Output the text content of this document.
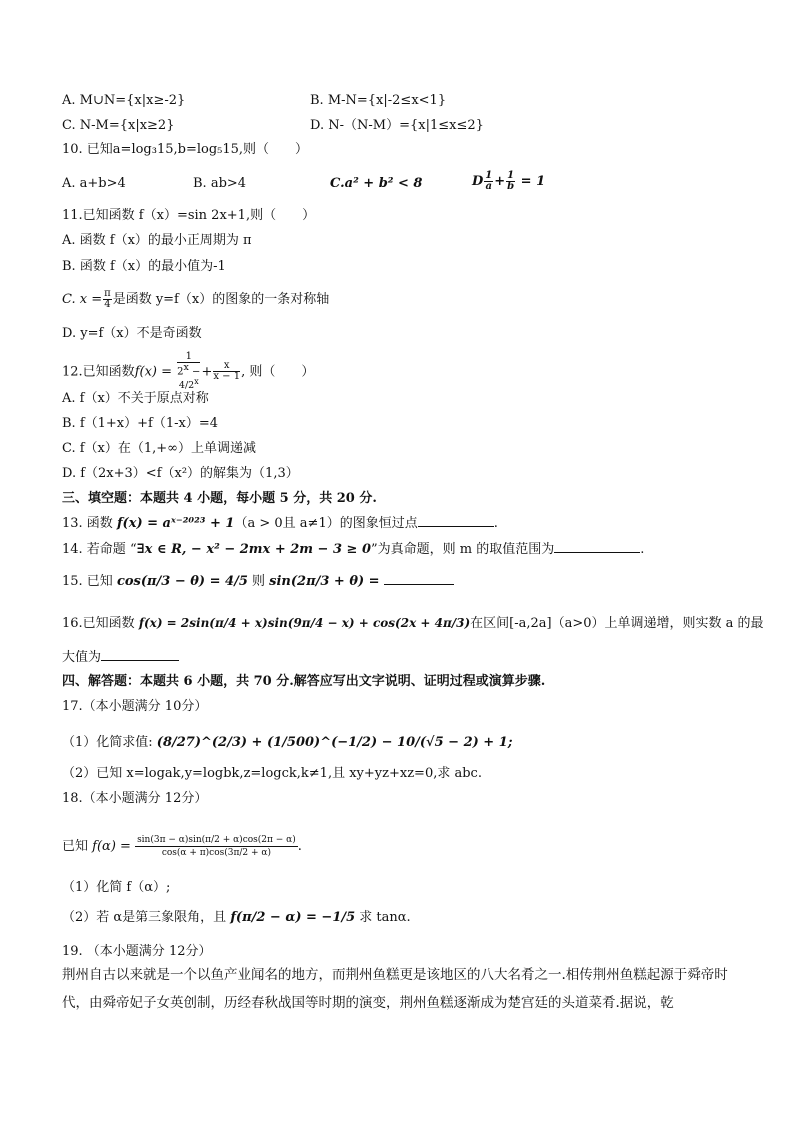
A. M∪N={x|x≥-2}	B. M-N={x|-2≤x<1}
C. N-M={x|x≥2}	D. N-（N-M）={x|1≤x≤2}
10. 已知a=log₃15,b=log₅15,则（　　）
A. a+b>4	B. ab>4	C.a² + b² < 8	D $\frac{1}{a} + \frac{1}{b} = 1$
11.已知函数 f（x）=sin 2x+1,则（　　）
A. 函数 f（x）的最小正周期为 π
B. 函数 f（x）的最小值为-1
C. $x = \frac{\pi}{4}$ 是函数 y=f（x）的图象的一条对称轴
D. y=f（x）不是奇函数
12.已知函数f(x) = 1
$2^x$ −
$4/2^x + \frac{x}{x - 1}$ , 则（　　）
A. f（x）不关于原点对称
B. f（1+x）+f（1-x）=4
C. f（x）在（1,+∞）上单调递减
D. f（2x+3）<f（x²）的解集为（1,3）
三、填空题：本题共 4 小题，每小题 5 分，共 20 分.
13. 函数 f(x) = aˣ⁻²⁰²³ + 1（a > 0且 a≠1）的图象恒过点	.
14. 若命题 “∃x ∈ R, − x² − 2mx + 2m − 3 ≥ 0”为真命题，则 m 的取值范围为	.
15. 已知 cos(π/3 − θ) = 4/5 则 sin(2π/3 + θ) =
16.已知函数 f(x) = 2sin(π/4 + x)sin(9π/4 − x) + cos(2x + 4π/3)在区间[-a,2a]（a>0）上单调递增，则实数 a 的最
大值为
四、解答题：本题共 6 小题，共 70 分.解答应写出文字说明、证明过程或演算步骤.
17.（本小题满分 10分）
（1）化简求值: (8/27)^(2/3) + (1/500)^(−1/2) − 10/(√5 − 2) + 1;
（2）已知 x=logak,y=logbk,z=logck,k≠1,且 xy+yz+xz=0,求 abc.
18.（本小题满分 12分）
已知 $f(\alpha) = \frac{\sin(3\pi - \alpha)\sin(\pi/2 + \alpha)\cos(2\pi - \alpha)}{\cos(\alpha + \pi)\cos(3\pi/2 + \alpha)}$ .
（1）化简 f（α）;
（2）若 α是第三象限角，且 f(π/2 − α) = −1/5 求 tanα.
19. （本小题满分 12分）
荆州自古以来就是一个以鱼产业闻名的地方，而荆州鱼糕更是该地区的八大名肴之一.相传荆州鱼糕起源于舜帝时代，由舜帝妃子女英创制，历经春秋战国等时期的演变，荆州鱼糕逐渐成为楚宫廷的头道菜肴.据说，乾
